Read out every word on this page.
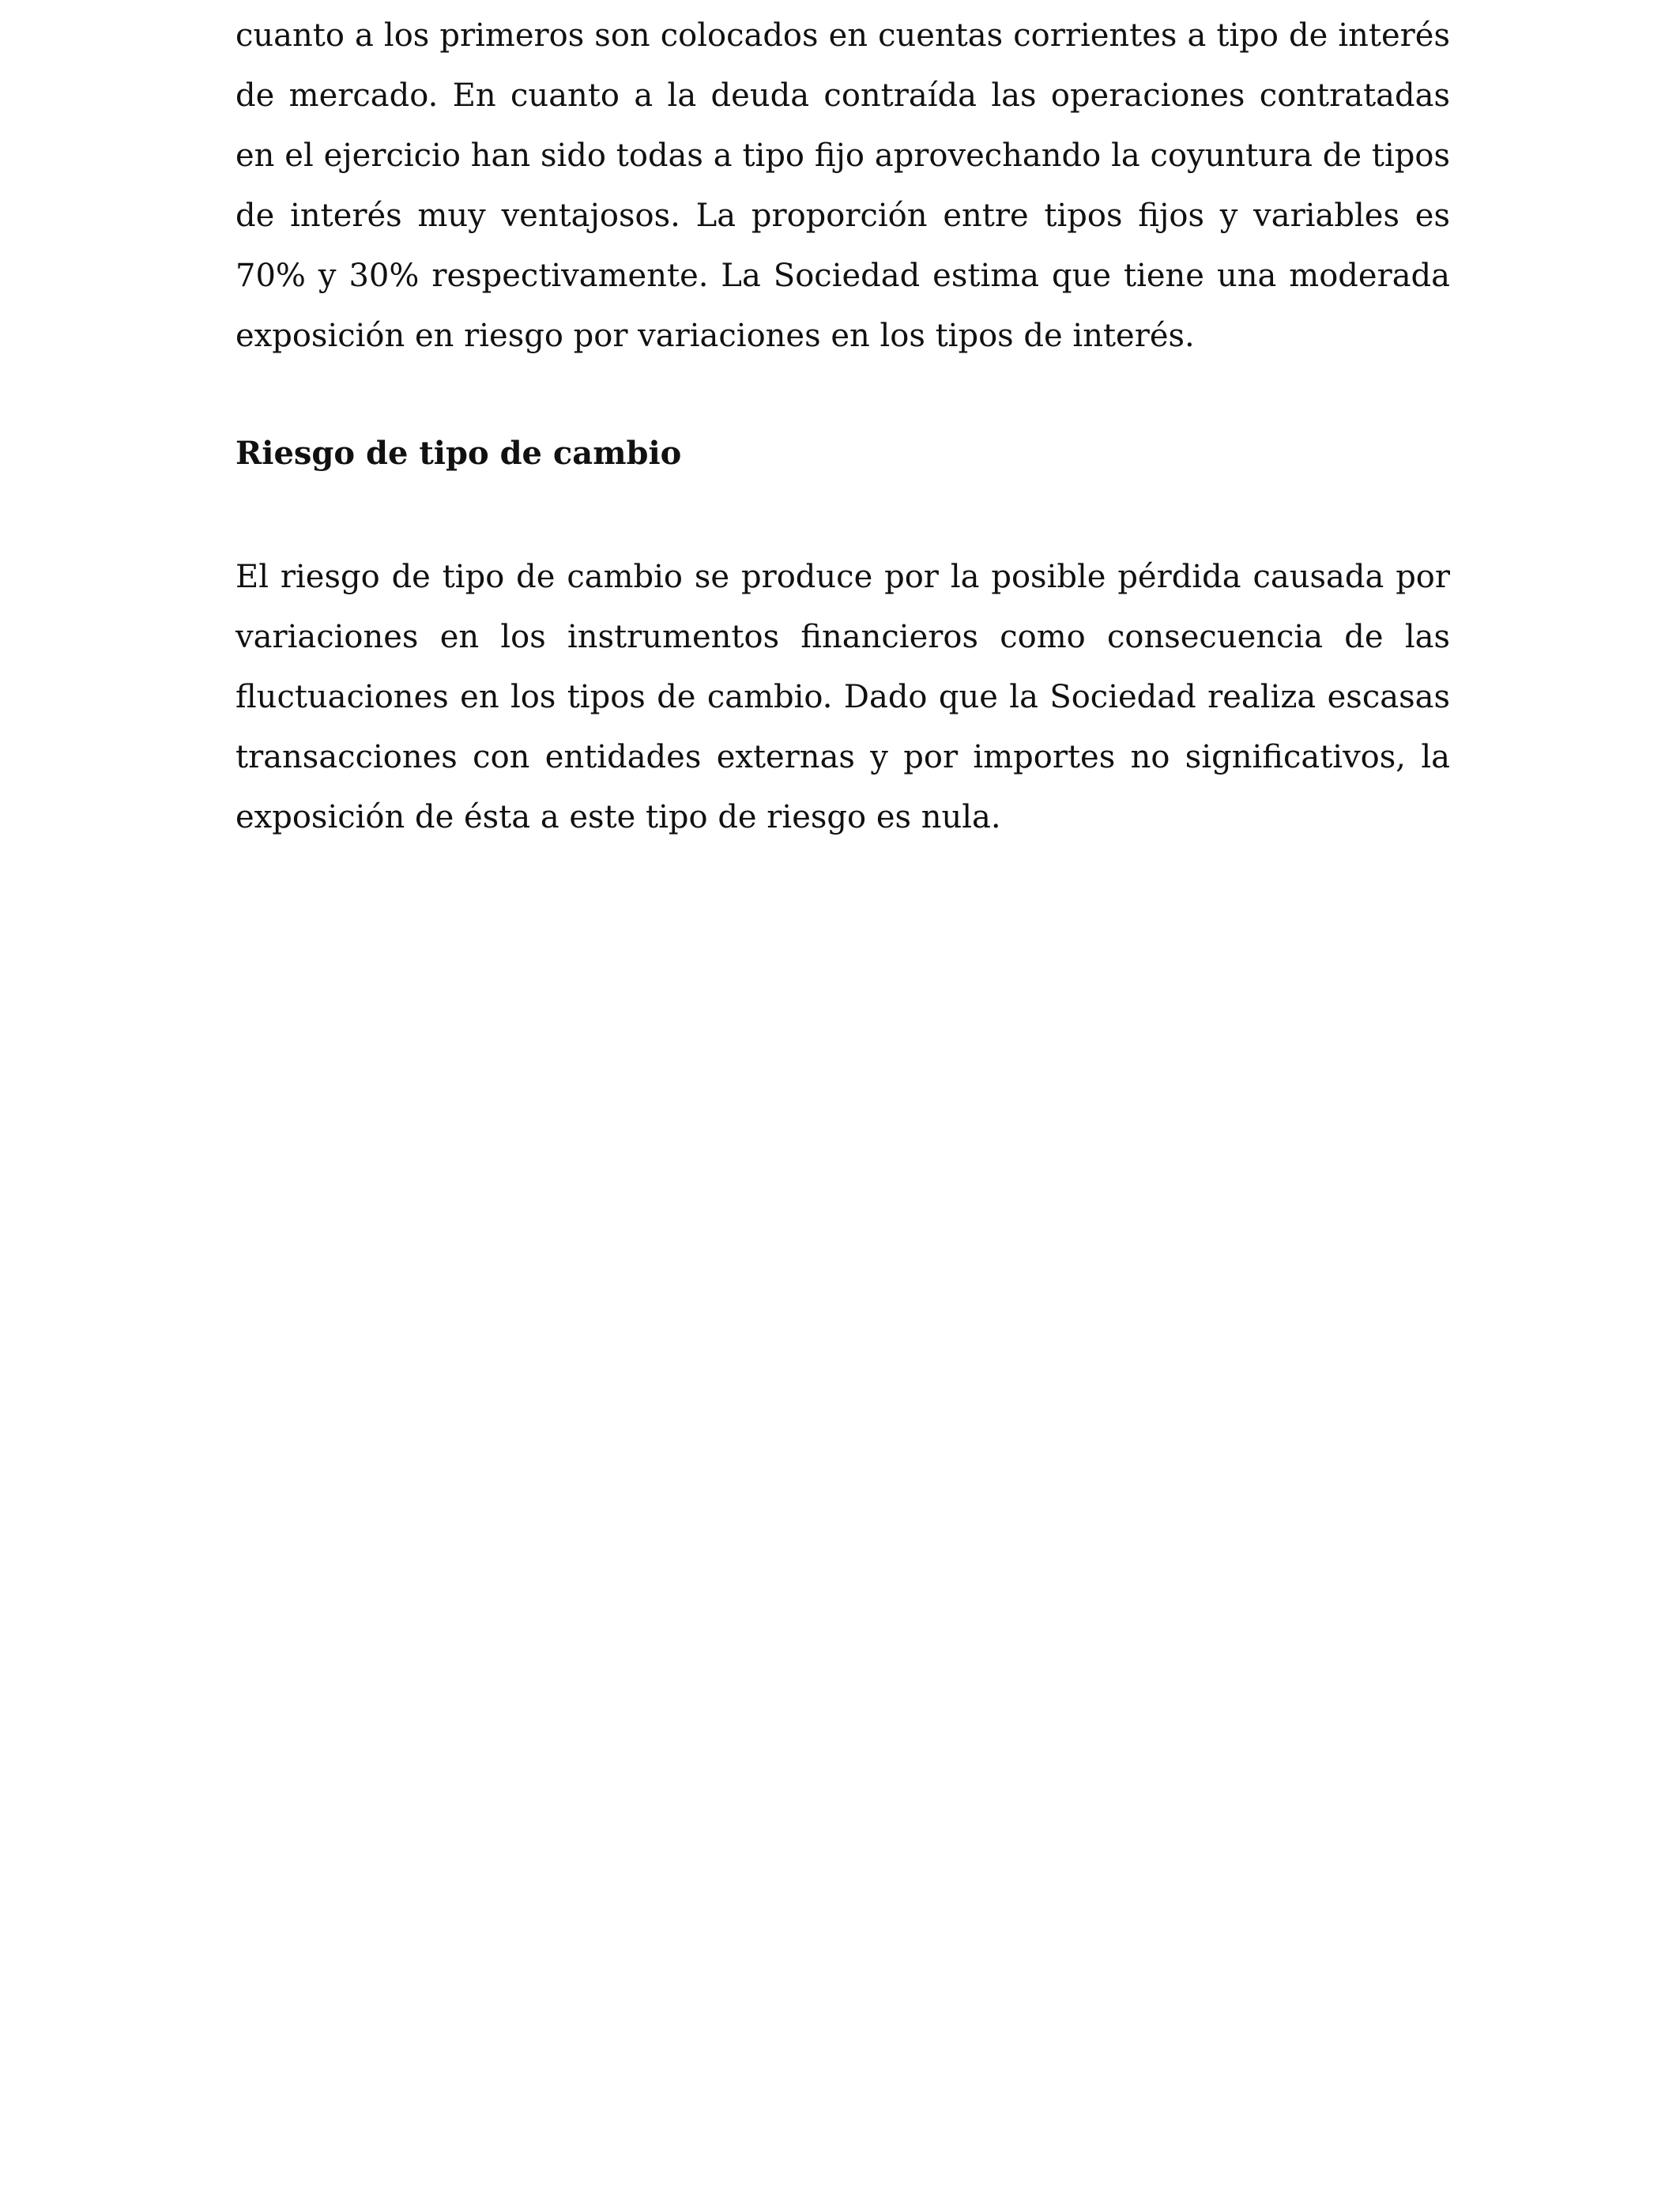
cuanto a los primeros son colocados en cuentas corrientes a tipo de interés de mercado. En cuanto a la deuda contraída las operaciones contratadas en el ejercicio han sido todas a tipo fijo aprovechando la coyuntura de tipos de interés muy ventajosos. La proporción entre tipos fijos y variables es 70% y 30% respectivamente. La Sociedad estima que tiene una moderada exposición en riesgo por variaciones en los tipos de interés.

Riesgo de tipo de cambio

El riesgo de tipo de cambio se produce por la posible pérdida causada por variaciones en los instrumentos financieros como consecuencia de las fluctuaciones en los tipos de cambio. Dado que la Sociedad realiza escasas transacciones con entidades externas y por importes no significativos, la exposición de ésta a este tipo de riesgo es nula.
